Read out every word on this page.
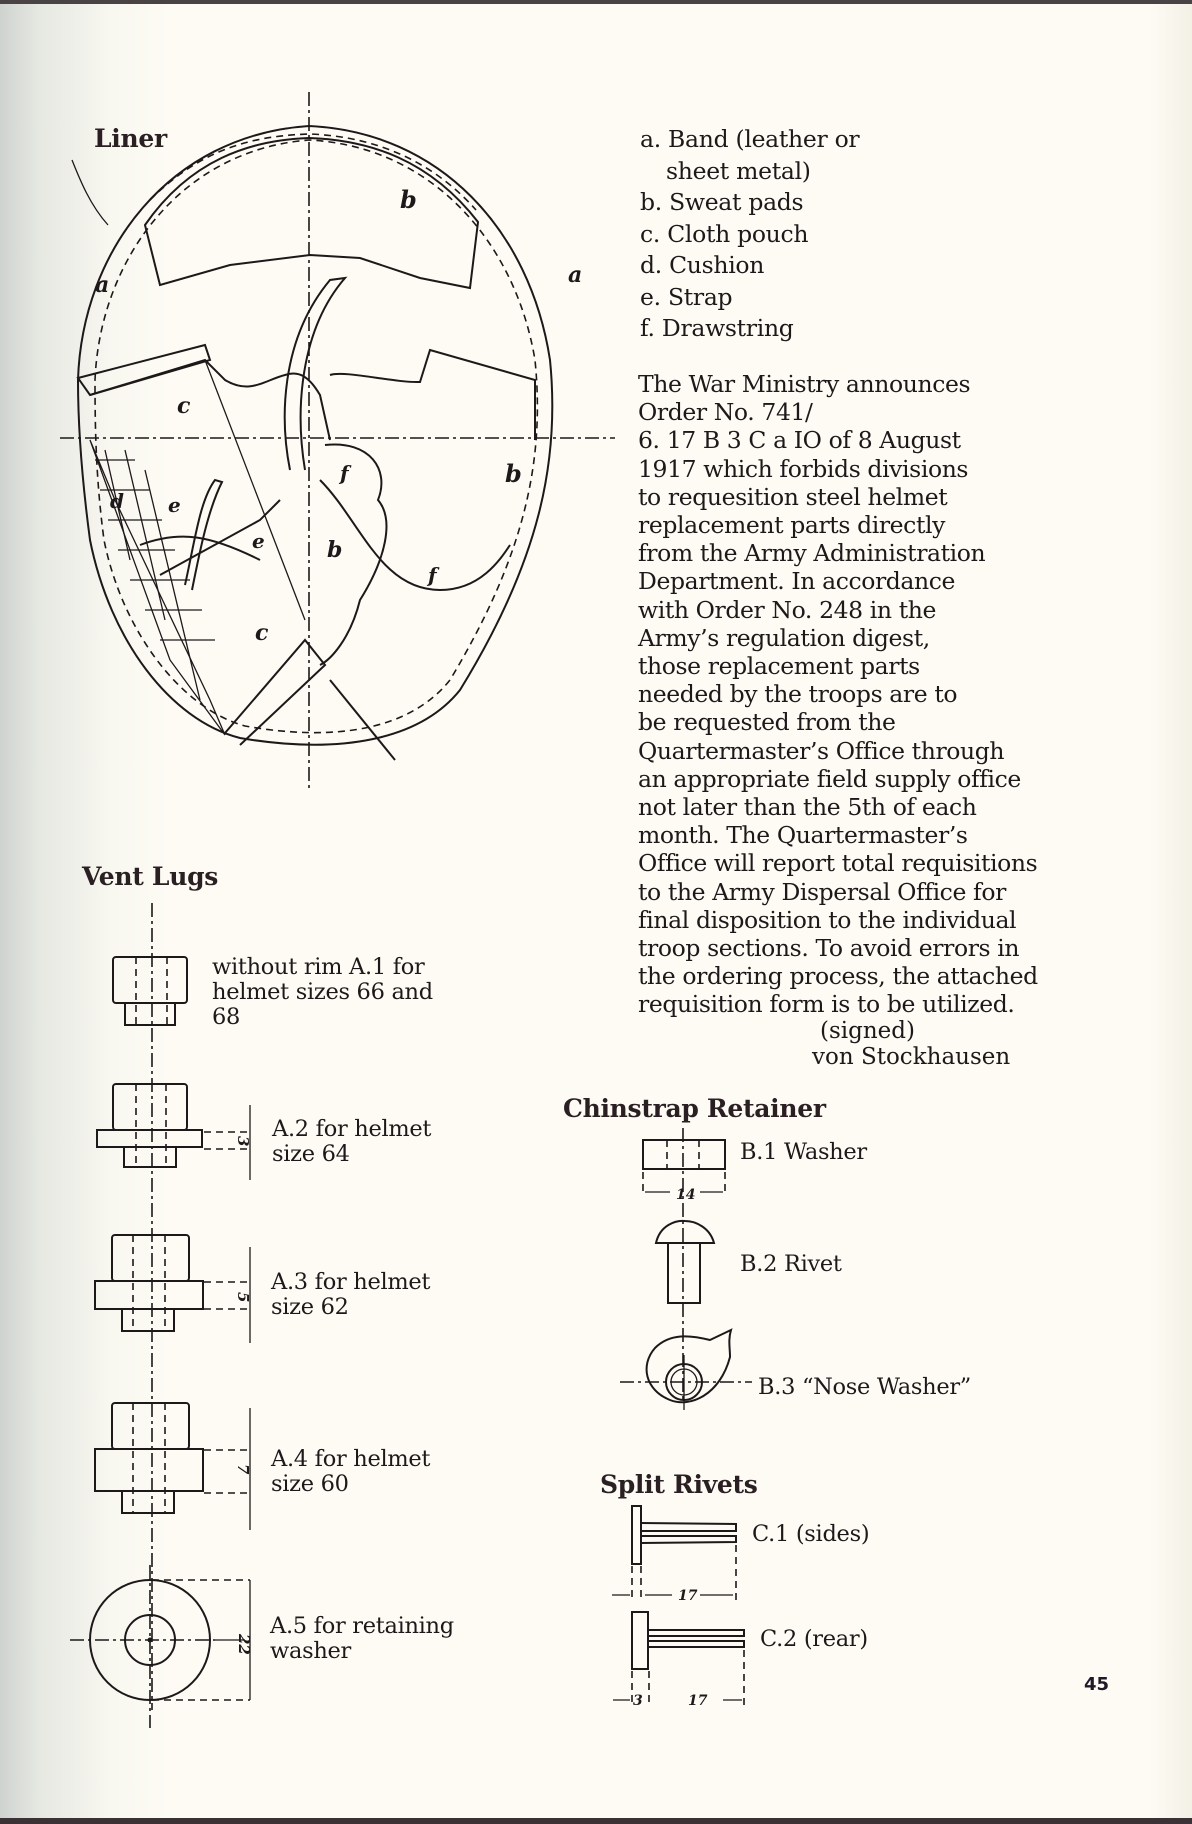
Liner
a	a
b
b
b
c
c
d e
e
f
f
a. Band (leather or
sheet metal)
b. Sweat pads
c. Cloth pouch
d. Cushion
e. Strap
f. Drawstring
The War Ministry announces
Order No. 741/
6. 17 B 3 C a IO of 8 August
1917 which forbids divisions
to requesition steel helmet
replacement parts directly
from the Army Administration
Department. In accordance
with Order No. 248 in the
Army’s regulation digest,
those replacement parts
needed by the troops are to
be requested from the
Quartermaster’s Office through
an appropriate field supply office
not later than the 5th of each
month. The Quartermaster’s
Office will report total requisitions
to the Army Dispersal Office for
final disposition to the individual
troop sections. To avoid errors in
the ordering process, the attached
requisition form is to be utilized.
(signed)
von Stockhausen
Vent Lugs
3
5
7
22
without rim A.1 for
helmet sizes 66 and
68
A.2 for helmet
size 64
A.3 for helmet
size 62
A.4 for helmet
size 60
A.5 for retaining
washer
Chinstrap Retainer
14
B.1 Washer
B.2 Rivet
B.3 “Nose Washer”
Split Rivets
17
3	17
C.1 (sides)
C.2 (rear)
45
